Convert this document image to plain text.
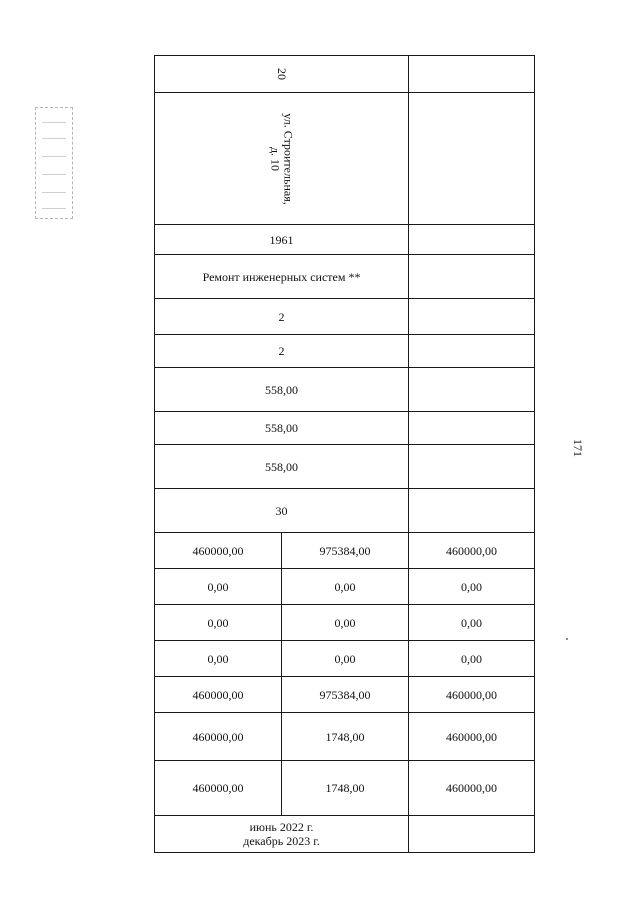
20		
ул. Строительная,
д. 10		
1961		
Ремонт инженерных систем **		
2		
2		
558,00		
558,00		
558,00		
30		
460000,00	975384,00	460000,00
0,00	0,00	0,00
0,00	0,00	0,00
0,00	0,00	0,00
460000,00	975384,00	460000,00
460000,00	1748,00	460000,00
460000,00	1748,00	460000,00
июнь 2022 г.
декабрь 2023 г.		
171
